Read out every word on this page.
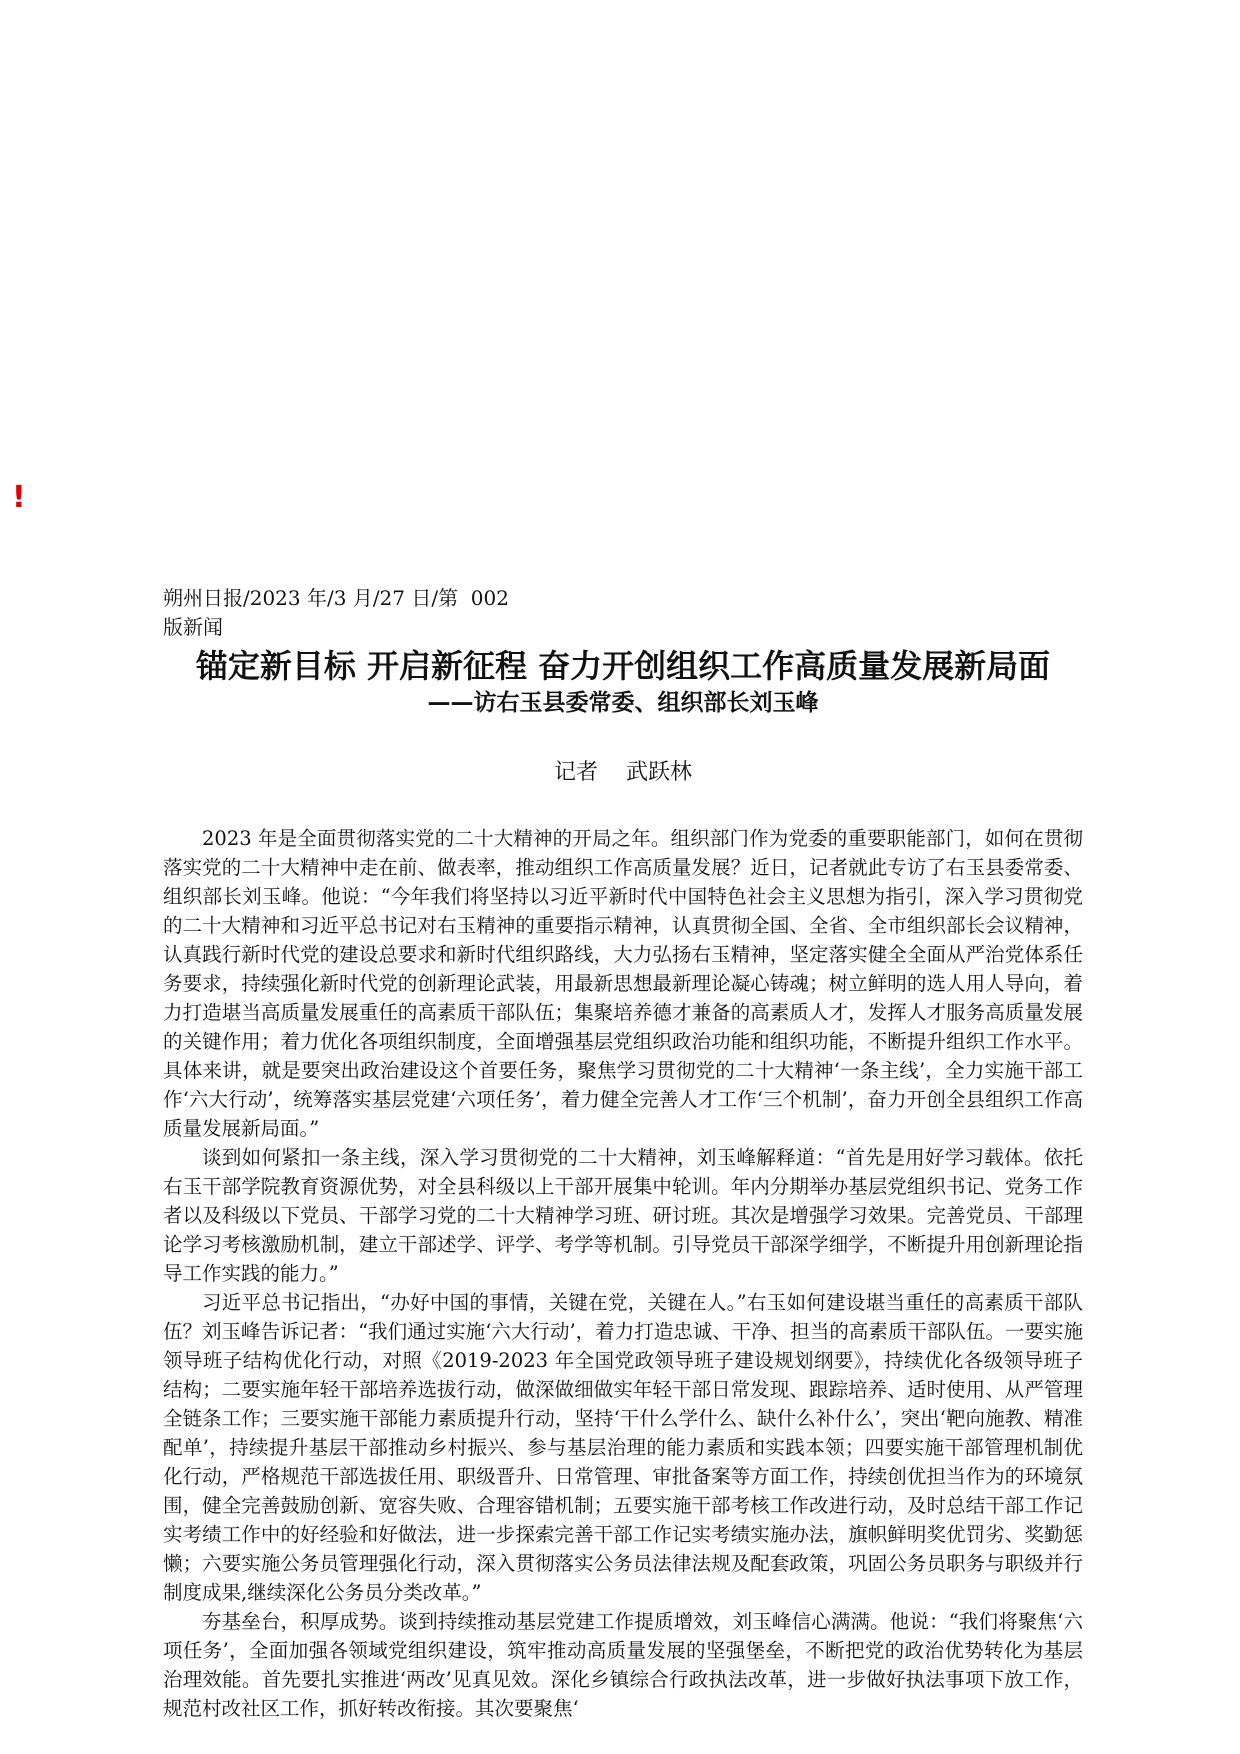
!

朔州日报/2023 年/3 月/27 日/第  002

版新闻

锚定新目标 开启新征程 奋力开创组织工作高质量发展新局面
——访右玉县委常委、组织部长刘玉峰

记者    武跃林

2023 年是全面贯彻落实党的二十大精神的开局之年。组织部门作为党委的重要职能部门，如何在贯彻落实党的二十大精神中走在前、做表率，推动组织工作高质量发展？近日，记者就此专访了右玉县委常委、组织部长刘玉峰。他说：“今年我们将坚持以习近平新时代中国特色社会主义思想为指引，深入学习贯彻党的二十大精神和习近平总书记对右玉精神的重要指示精神，认真贯彻全国、全省、全市组织部长会议精神，认真践行新时代党的建设总要求和新时代组织路线，大力弘扬右玉精神，坚定落实健全全面从严治党体系任务要求，持续强化新时代党的创新理论武装，用最新思想最新理论凝心铸魂；树立鲜明的选人用人导向，着力打造堪当高质量发展重任的高素质干部队伍；集聚培养德才兼备的高素质人才，发挥人才服务高质量发展的关键作用；着力优化各项组织制度，全面增强基层党组织政治功能和组织功能，不断提升组织工作水平。具体来讲，就是要突出政治建设这个首要任务，聚焦学习贯彻党的二十大精神‘一条主线’，全力实施干部工作‘六大行动’，统筹落实基层党建‘六项任务’，着力健全完善人才工作‘三个机制’，奋力开创全县组织工作高质量发展新局面。”

谈到如何紧扣一条主线，深入学习贯彻党的二十大精神，刘玉峰解释道：“首先是用好学习载体。依托右玉干部学院教育资源优势，对全县科级以上干部开展集中轮训。年内分期举办基层党组织书记、党务工作者以及科级以下党员、干部学习党的二十大精神学习班、研讨班。其次是增强学习效果。完善党员、干部理论学习考核激励机制，建立干部述学、评学、考学等机制。引导党员干部深学细学，不断提升用创新理论指导工作实践的能力。”

习近平总书记指出，“办好中国的事情，关键在党，关键在人。”右玉如何建设堪当重任的高素质干部队伍？刘玉峰告诉记者：“我们通过实施‘六大行动’，着力打造忠诚、干净、担当的高素质干部队伍。一要实施领导班子结构优化行动，对照《2019-2023 年全国党政领导班子建设规划纲要》，持续优化各级领导班子结构；二要实施年轻干部培养选拔行动，做深做细做实年轻干部日常发现、跟踪培养、适时使用、从严管理全链条工作；三要实施干部能力素质提升行动，坚持‘干什么学什么、缺什么补什么’，突出‘靶向施教、精准配单’，持续提升基层干部推动乡村振兴、参与基层治理的能力素质和实践本领；四要实施干部管理机制优化行动，严格规范干部选拔任用、职级晋升、日常管理、审批备案等方面工作，持续创优担当作为的环境氛围，健全完善鼓励创新、宽容失败、合理容错机制；五要实施干部考核工作改进行动，及时总结干部工作记实考绩工作中的好经验和好做法，进一步探索完善干部工作记实考绩实施办法，旗帜鲜明奖优罚劣、奖勤惩懒；六要实施公务员管理强化行动，深入贯彻落实公务员法律法规及配套政策，巩固公务员职务与职级并行制度成果,继续深化公务员分类改革。”

夯基垒台，积厚成势。谈到持续推动基层党建工作提质增效，刘玉峰信心满满。他说：“我们将聚焦‘六项任务’，全面加强各领域党组织建设，筑牢推动高质量发展的坚强堡垒，不断把党的政治优势转化为基层治理效能。首先要扎实推进‘两改’见真见效。深化乡镇综合行政执法改革，进一步做好执法事项下放工作，规范村改社区工作，抓好转改衔接。其次要聚焦‘
